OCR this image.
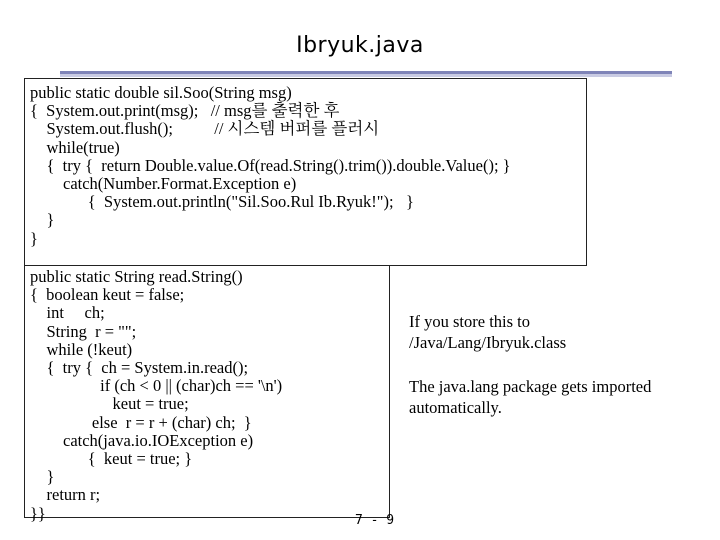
Ibryuk.java
public static double sil.Soo(String msg)
{  System.out.print(msg);   // msg를 출력한 후
System.out.flush();          // 시스템 버퍼를 플러시
while(true)
{  try {  return Double.value.Of(read.String().trim()).double.Value(); }
catch(Number.Format.Exception e)
{  System.out.println("Sil.Soo.Rul Ib.Ryuk!");   }
}
}
public static String read.String()
{  boolean keut = false;
int     ch;
String  r = "";
while (!keut)
{  try {  ch = System.in.read();
if (ch < 0 || (char)ch == '\n')
keut = true;
else  r = r + (char) ch;  }
catch(java.io.IOException e)
{  keut = true; }
}
return r;
}}

If you store this to
/Java/Lang/Ibryuk.class

The java.lang package gets imported
automatically.

7 - 9
